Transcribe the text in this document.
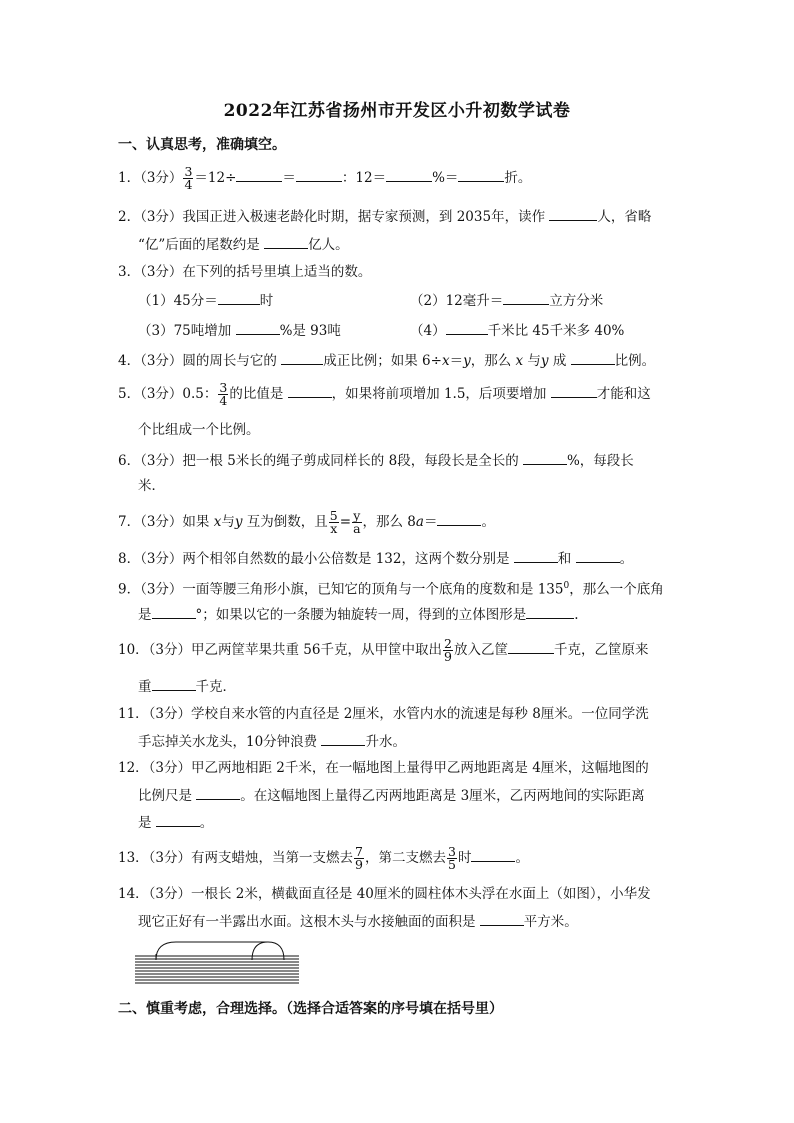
2022年江苏省扬州市开发区小升初数学试卷
一、认真思考，准确填空。
1．（3分） $\frac{3}{4} =12\div$	＝	：12＝	%＝	折。
2．（3分）我国正进入极速老龄化时期，据专家预测，到 2035年，读作	人，省略
“亿”后面的尾数约是	亿人。
3．（3分）在下列的括号里填上适当的数。
（1）45分＝	时	（2）12毫升＝	立方分米
（3）75吨增加	%是 93吨	（4）	千米比 45千米多 40%
4．（3分）圆的周长与它的	成正比例；如果 6÷x＝y，那么 x 与y 成	比例。
5．（3分）0.5： $\frac{3}{4}$ 的比值是	，如果将前项增加 1.5，后项要增加	才能和这
个比组成一个比例。
6．（3分）把一根 5米长的绳子剪成同样长的 8段，每段长是全长的	%，每段长
米．
7．（3分）如果 x与y 互为倒数，且 $\frac{5}{x} = \frac{y}{a}$ ，那么 8a＝	。
8．（3分）两个相邻自然数的最小公倍数是 132，这两个数分别是	和	。
9．（3分）一面等腰三角形小旗，已知它的顶角与一个底角的度数和是 $135^0$，那么一个底角
是	°；如果以它的一条腰为轴旋转一周，得到的立体图形是	.
10．（3分）甲乙两筐苹果共重 56千克，从甲筐中取出 $\frac{2}{9}$ 放入乙筐	千克，乙筐原来
重	千克．
11．（3分）学校自来水管的内直径是 2厘米，水管内水的流速是每秒 8厘米。一位同学洗
手忘掉关水龙头，10分钟浪费	升水。
12．（3分）甲乙两地相距 2千米，在一幅地图上量得甲乙两地距离是 4厘米，这幅地图的
比例尺是	。在这幅地图上量得乙丙两地距离是 3厘米，乙丙两地间的实际距离
是	。
13．（3分）有两支蜡烛，当第一支燃去 $\frac{7}{9}$ ，第二支燃去 $\frac{3}{5}$ 时	。
14．（3分）一根长 2米，横截面直径是 40厘米的圆柱体木头浮在水面上（如图），小华发
现它正好有一半露出水面。这根木头与水接触面的面积是	平方米。
二、慎重考虑，合理选择。（选择合适答案的序号填在括号里）
